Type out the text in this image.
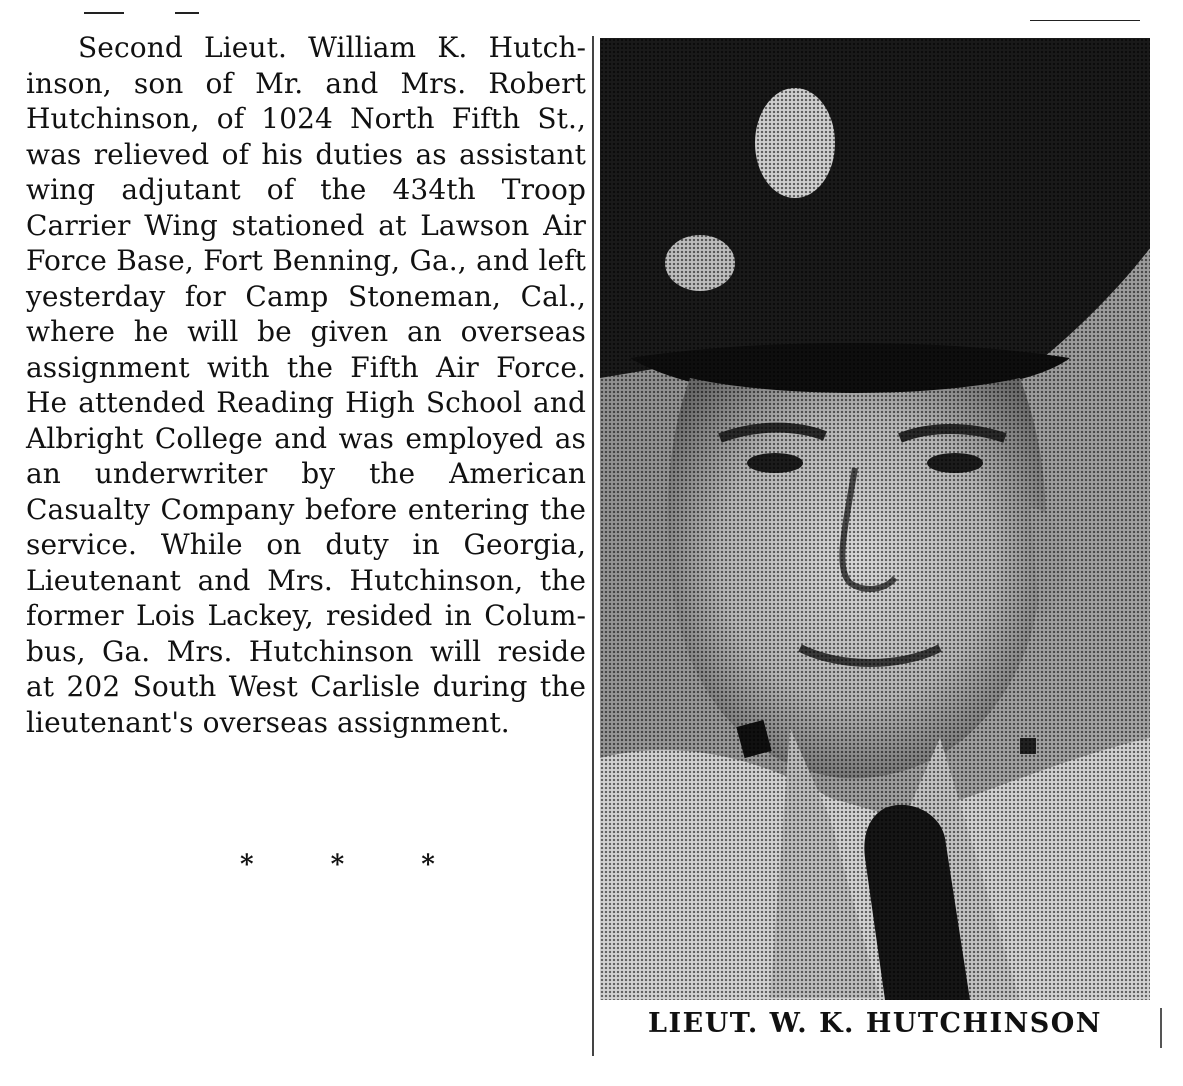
Second Lieut. William K. Hutchinson, son of Mr. and Mrs. Robert Hutchinson, of 1024 North Fifth St., was relieved of his duties as assistant wing adjutant of the 434th Troop Carrier Wing stationed at Lawson Air Force Base, Fort Benning, Ga., and left yesterday for Camp Stoneman, Cal., where he will be given an overseas assignment with the Fifth Air Force. He attended Reading High School and Albright College and was employed as an underwriter by the American Casualty Company before entering the service. While on duty in Georgia, Lieutenant and Mrs. Hutchinson, the former Lois Lackey, resided in Columbus, Ga. Mrs. Hutchinson will reside at 202 South West Carlisle during the lieutenant's overseas assignment.

* * *
LIEUT. W. K. HUTCHINSON
